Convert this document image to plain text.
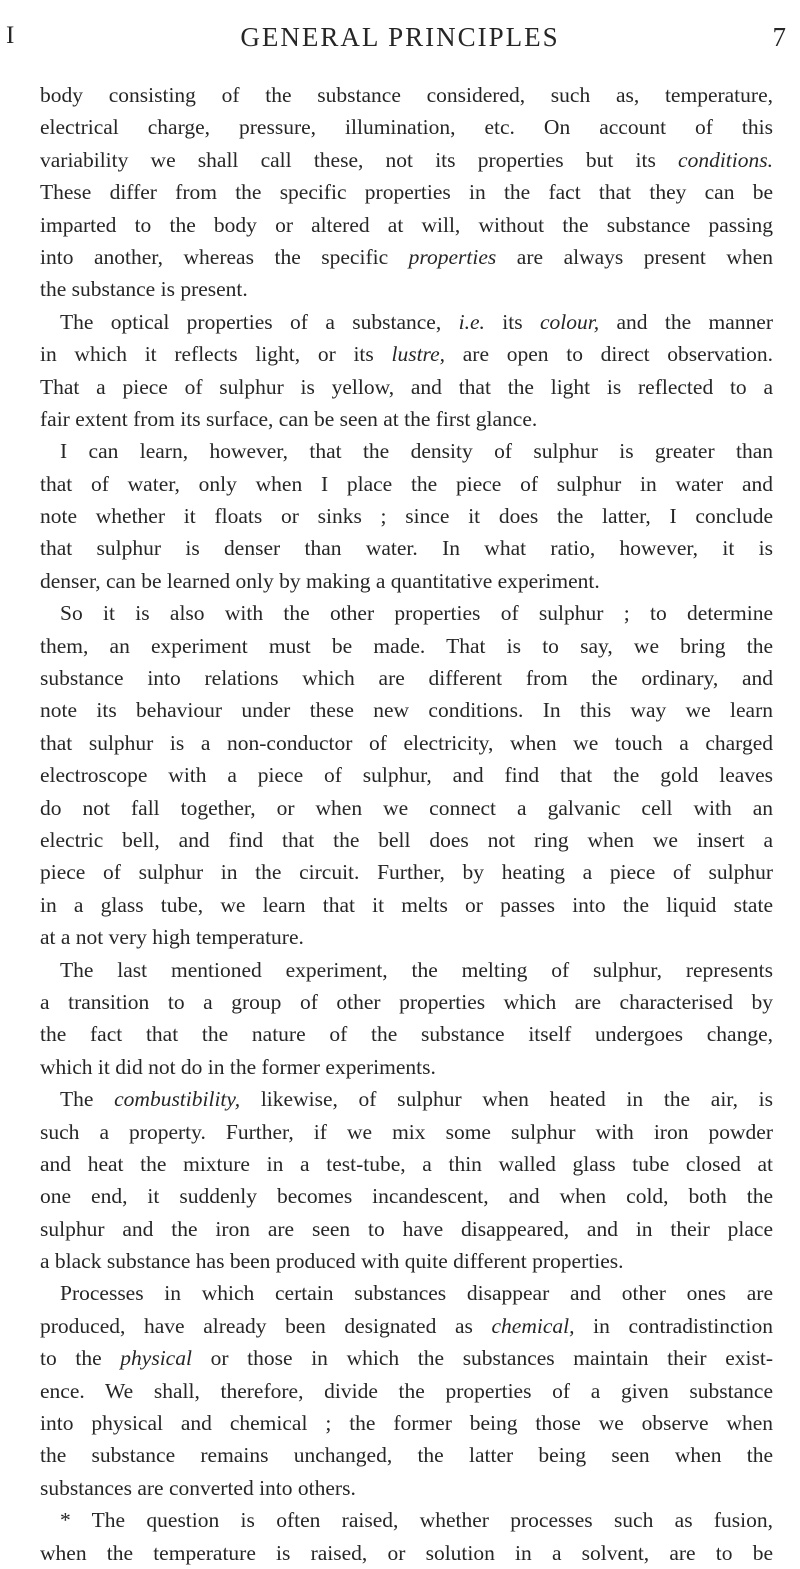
I	GENERAL PRINCIPLES	7
body consisting of the substance considered, such as, temperature,
electrical charge, pressure, illumination, etc. On account of this
variability we shall call these, not its properties but its conditions.
These differ from the specific properties in the fact that they can be
imparted to the body or altered at will, without the substance passing
into another, whereas the specific properties are always present when
the substance is present.
The optical properties of a substance, i.e. its colour, and the manner
in which it reflects light, or its lustre, are open to direct observation.
That a piece of sulphur is yellow, and that the light is reflected to a
fair extent from its surface, can be seen at the first glance.
I can learn, however, that the density of sulphur is greater than
that of water, only when I place the piece of sulphur in water and
note whether it floats or sinks ; since it does the latter, I conclude
that sulphur is denser than water. In what ratio, however, it is
denser, can be learned only by making a quantitative experiment.
So it is also with the other properties of sulphur ; to determine
them, an experiment must be made. That is to say, we bring the
substance into relations which are different from the ordinary, and
note its behaviour under these new conditions. In this way we learn
that sulphur is a non-conductor of electricity, when we touch a charged
electroscope with a piece of sulphur, and find that the gold leaves
do not fall together, or when we connect a galvanic cell with an
electric bell, and find that the bell does not ring when we insert a
piece of sulphur in the circuit. Further, by heating a piece of sulphur
in a glass tube, we learn that it melts or passes into the liquid state
at a not very high temperature.
The last mentioned experiment, the melting of sulphur, represents
a transition to a group of other properties which are characterised by
the fact that the nature of the substance itself undergoes change,
which it did not do in the former experiments.
The combustibility, likewise, of sulphur when heated in the air, is
such a property. Further, if we mix some sulphur with iron powder
and heat the mixture in a test-tube, a thin walled glass tube closed at
one end, it suddenly becomes incandescent, and when cold, both the
sulphur and the iron are seen to have disappeared, and in their place
a black substance has been produced with quite different properties.
Processes in which certain substances disappear and other ones are
produced, have already been designated as chemical, in contradistinction
to the physical or those in which the substances maintain their exist-
ence. We shall, therefore, divide the properties of a given substance
into physical and chemical ; the former being those we observe when
the substance remains unchanged, the latter being seen when the
substances are converted into others.
* The question is often raised, whether processes such as fusion,
when the temperature is raised, or solution in a solvent, are to be
